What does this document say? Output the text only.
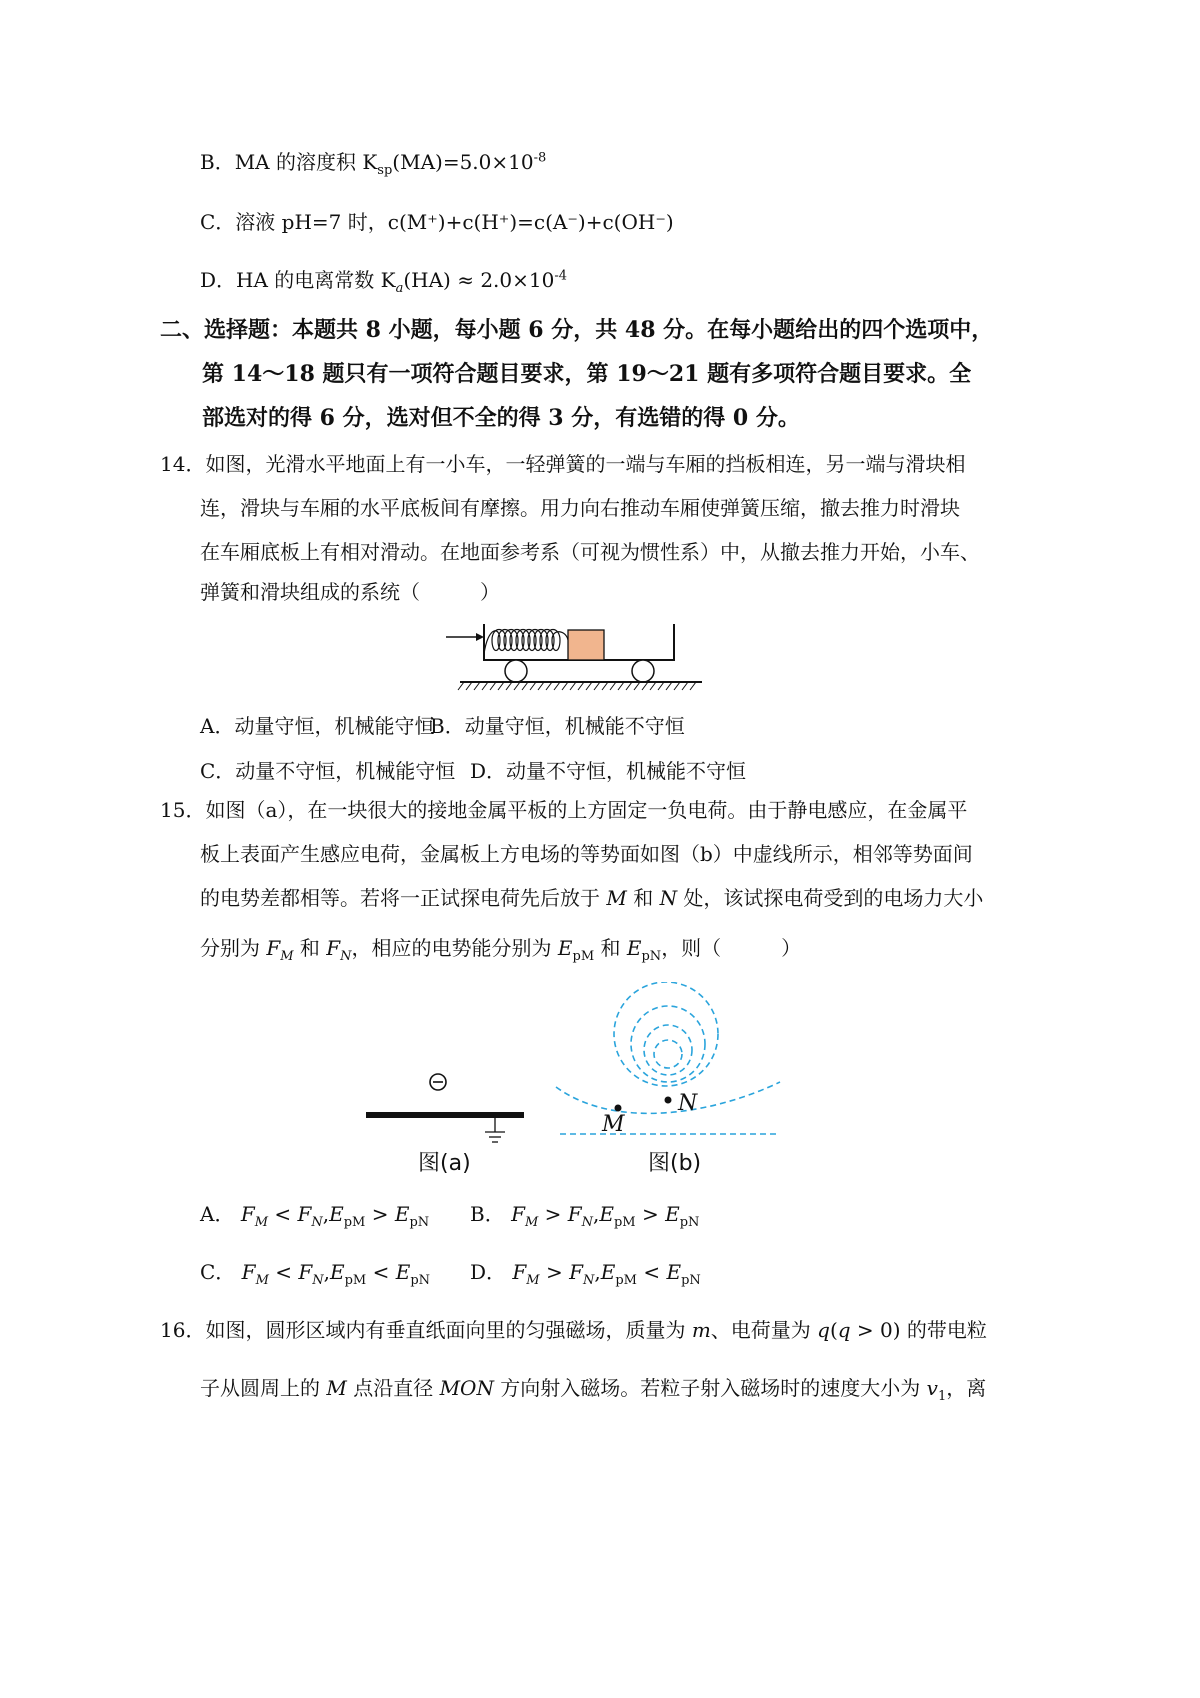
B．MA 的溶度积 $K_{sp}(MA)=5.0\times 10^{-8}$
C．溶液 pH=7 时，c(M⁺)+c(H⁺)=c(A⁻)+c(OH⁻)
D．HA 的电离常数 $K_a(HA) \approx 2.0\times 10^{-4}$
二、选择题：本题共 8 小题，每小题 6 分，共 48 分。在每小题给出的四个选项中，
第 14～18 题只有一项符合题目要求，第 19～21 题有多项符合题目要求。全
部选对的得 6 分，选对但不全的得 3 分，有选错的得 0 分。
14．如图，光滑水平地面上有一小车，一轻弹簧的一端与车厢的挡板相连，另一端与滑块相
连，滑块与车厢的水平底板间有摩擦。用力向右推动车厢使弹簧压缩，撤去推力时滑块
在车厢底板上有相对滑动。在地面参考系（可视为惯性系）中，从撤去推力开始，小车、
弹簧和滑块组成的系统（　　　）
A．动量守恒，机械能守恒
B．动量守恒，机械能不守恒
C．动量不守恒，机械能守恒 D．动量不守恒，机械能不守恒
15．如图（a），在一块很大的接地金属平板的上方固定一负电荷。由于静电感应，在金属平
板上表面产生感应电荷，金属板上方电场的等势面如图（b）中虚线所示，相邻等势面间
的电势差都相等。若将一正试探电荷先后放于 M 和 N 处，该试探电荷受到的电场力大小
分别为 $F_M$ 和 $F_N$，相应的电势能分别为 $E_{pM}$ 和 $E_{pN}$，则（　　　）
图(a)
M
N
图(b)
A． $F_M < F_N,E_{pM} > E_{pN}$ B． $F_M > F_N,E_{pM} > E_{pN}$
C． $F_M < F_N,E_{pM} < E_{pN}$ D． $F_M > F_N,E_{pM} < E_{pN}$
16．如图，圆形区域内有垂直纸面向里的匀强磁场，质量为 m、电荷量为 q(q > 0) 的带电粒
子从圆周上的 M 点沿直径 MON 方向射入磁场。若粒子射入磁场时的速度大小为 $v_1$，离
